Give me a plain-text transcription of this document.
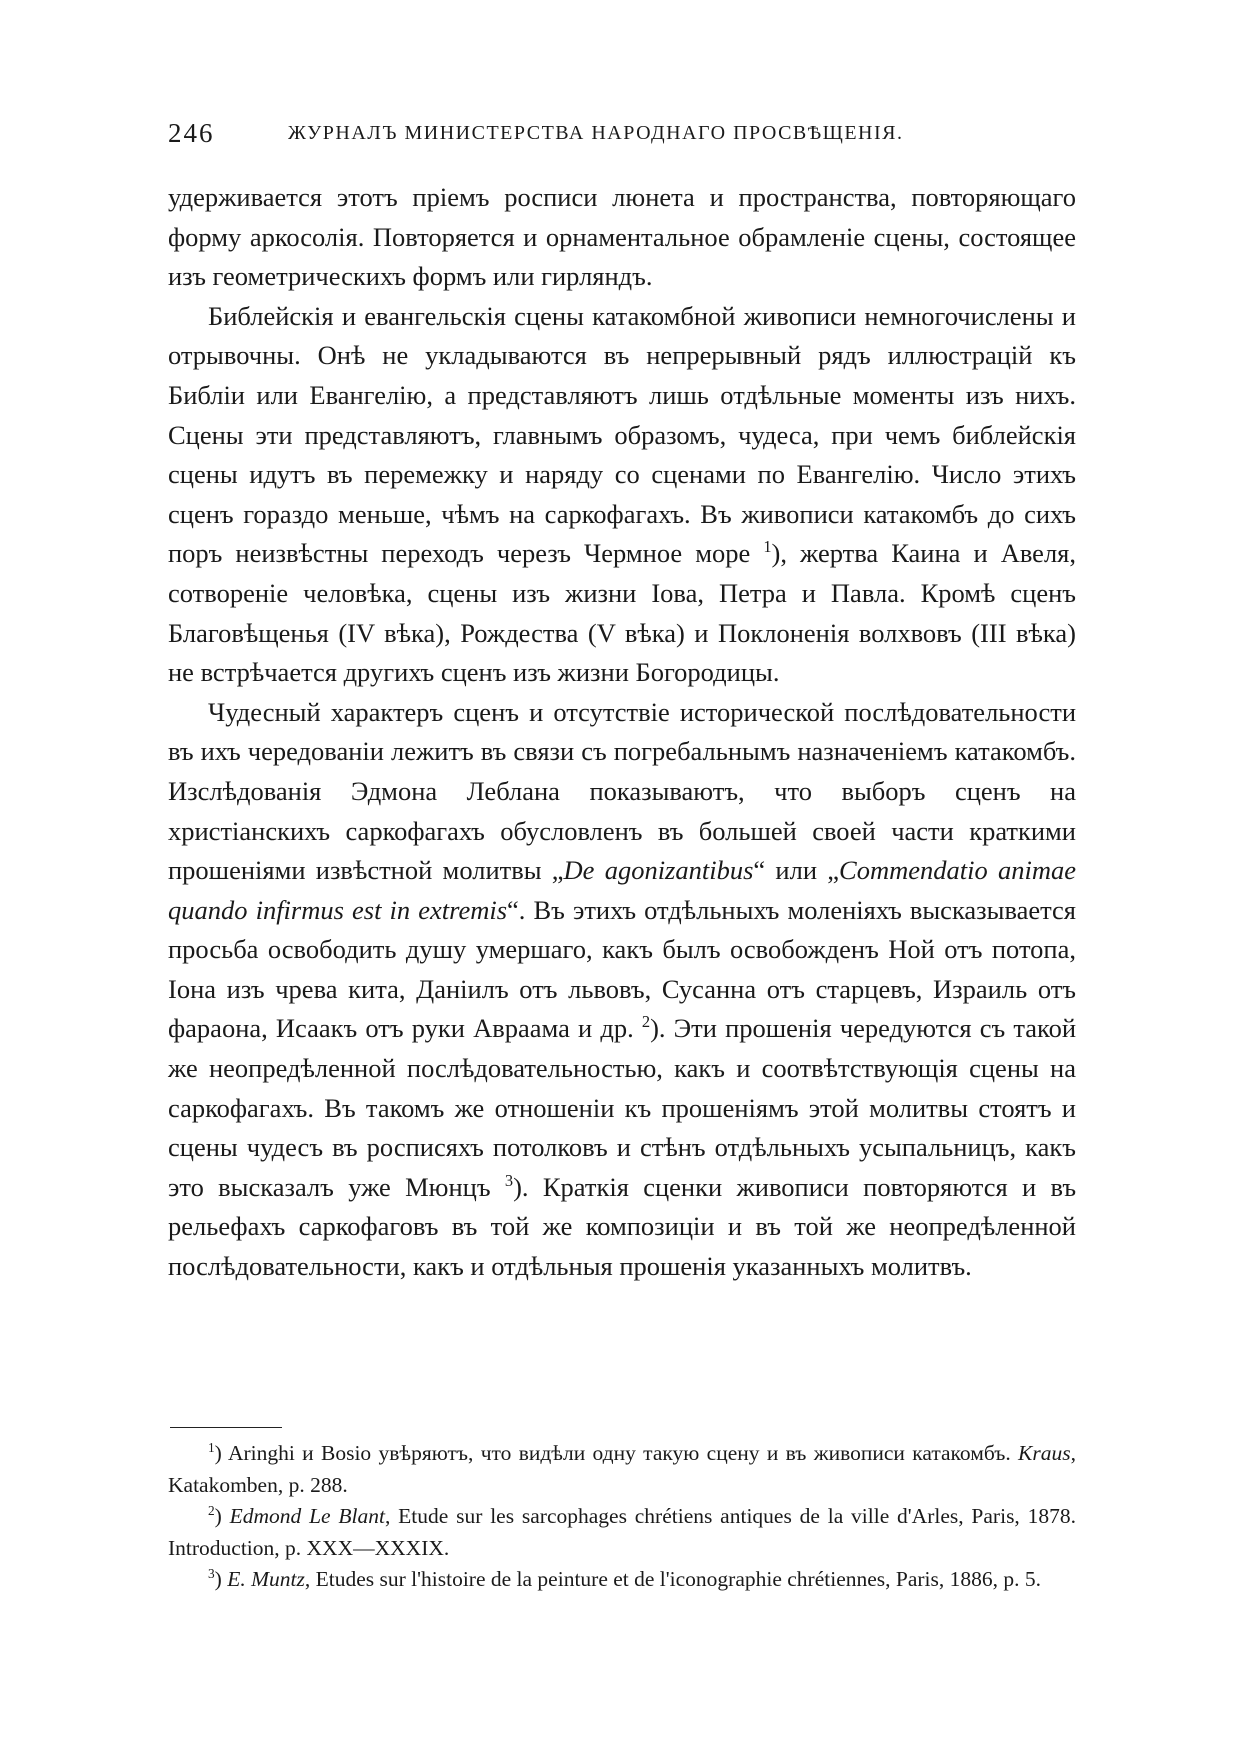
246	ЖУРНАЛЪ МИНИСТЕРСТВА НАРОДНАГО ПРОСВѢЩЕНІЯ.

удерживается этотъ пріемъ росписи люнета и пространства, повторяющаго форму аркосолія. Повторяется и орнаментальное обрамленіе сцены, состоящее изъ геометрическихъ формъ или гирляндъ.

Библейскія и евангельскія сцены катакомбной живописи немногочислены и отрывочны. Онѣ не укладываются въ непрерывный рядъ иллюстрацій къ Библіи или Евангелію, а представляютъ лишь отдѣльные моменты изъ нихъ. Сцены эти представляютъ, главнымъ образомъ, чудеса, при чемъ библейскія сцены идутъ въ перемежку и наряду со сценами по Евангелію. Число этихъ сценъ гораздо меньше, чѣмъ на саркофагахъ. Въ живописи катакомбъ до сихъ поръ неизвѣстны переходъ черезъ Чермное море $^1$), жертва Каина и Авеля, сотвореніе человѣка, сцены изъ жизни Іова, Петра и Павла. Кромѣ сценъ Благовѣщенья (IV вѣка), Рождества (V вѣка) и Поклоненія волхвовъ (III вѣка) не встрѣчается другихъ сценъ изъ жизни Богородицы.

Чудесный характеръ сценъ и отсутствіе исторической послѣдовательности въ ихъ чередованіи лежитъ въ связи съ погребальнымъ назначеніемъ катакомбъ. Изслѣдованія Эдмона Леблана показываютъ, что выборъ сценъ на христіанскихъ саркофагахъ обусловленъ въ большей своей части краткими прошеніями извѣстной молитвы „De agonizantibus“ или „Commendatio animae quando infirmus est in extremis“. Въ этихъ отдѣльныхъ моленіяхъ высказывается просьба освободить душу умершаго, какъ былъ освобожденъ Ной отъ потопа, Іона изъ чрева кита, Даніилъ отъ львовъ, Сусанна отъ старцевъ, Израиль отъ фараона, Исаакъ отъ руки Авраама и др. $^2$). Эти прошенія чередуются съ такой же неопредѣленной послѣдовательностью, какъ и соотвѣтствующія сцены на саркофагахъ. Въ такомъ же отношеніи къ прошеніямъ этой молитвы стоятъ и сцены чудесъ въ росписяхъ потолковъ и стѣнъ отдѣльныхъ усыпальницъ, какъ это высказалъ уже Мюнцъ $^3$). Краткія сценки живописи повторяются и въ рельефахъ саркофаговъ въ той же композиціи и въ той же неопредѣленной послѣдовательности, какъ и отдѣльныя прошенія указанныхъ молитвъ.

$^1$) Aringhi и Bosio увѣряютъ, что видѣли одну такую сцену и въ живописи катакомбъ. Kraus, Katakomben, p. 288.

$^2$) Edmond Le Blant, Etude sur les sarcophages chrétiens antiques de la ville d'Arles, Paris, 1878. Introduction, p. XXX—XXXIX.

$^3$) E. Muntz, Etudes sur l'histoire de la peinture et de l'iconographie chrétiennes, Paris, 1886, p. 5.
